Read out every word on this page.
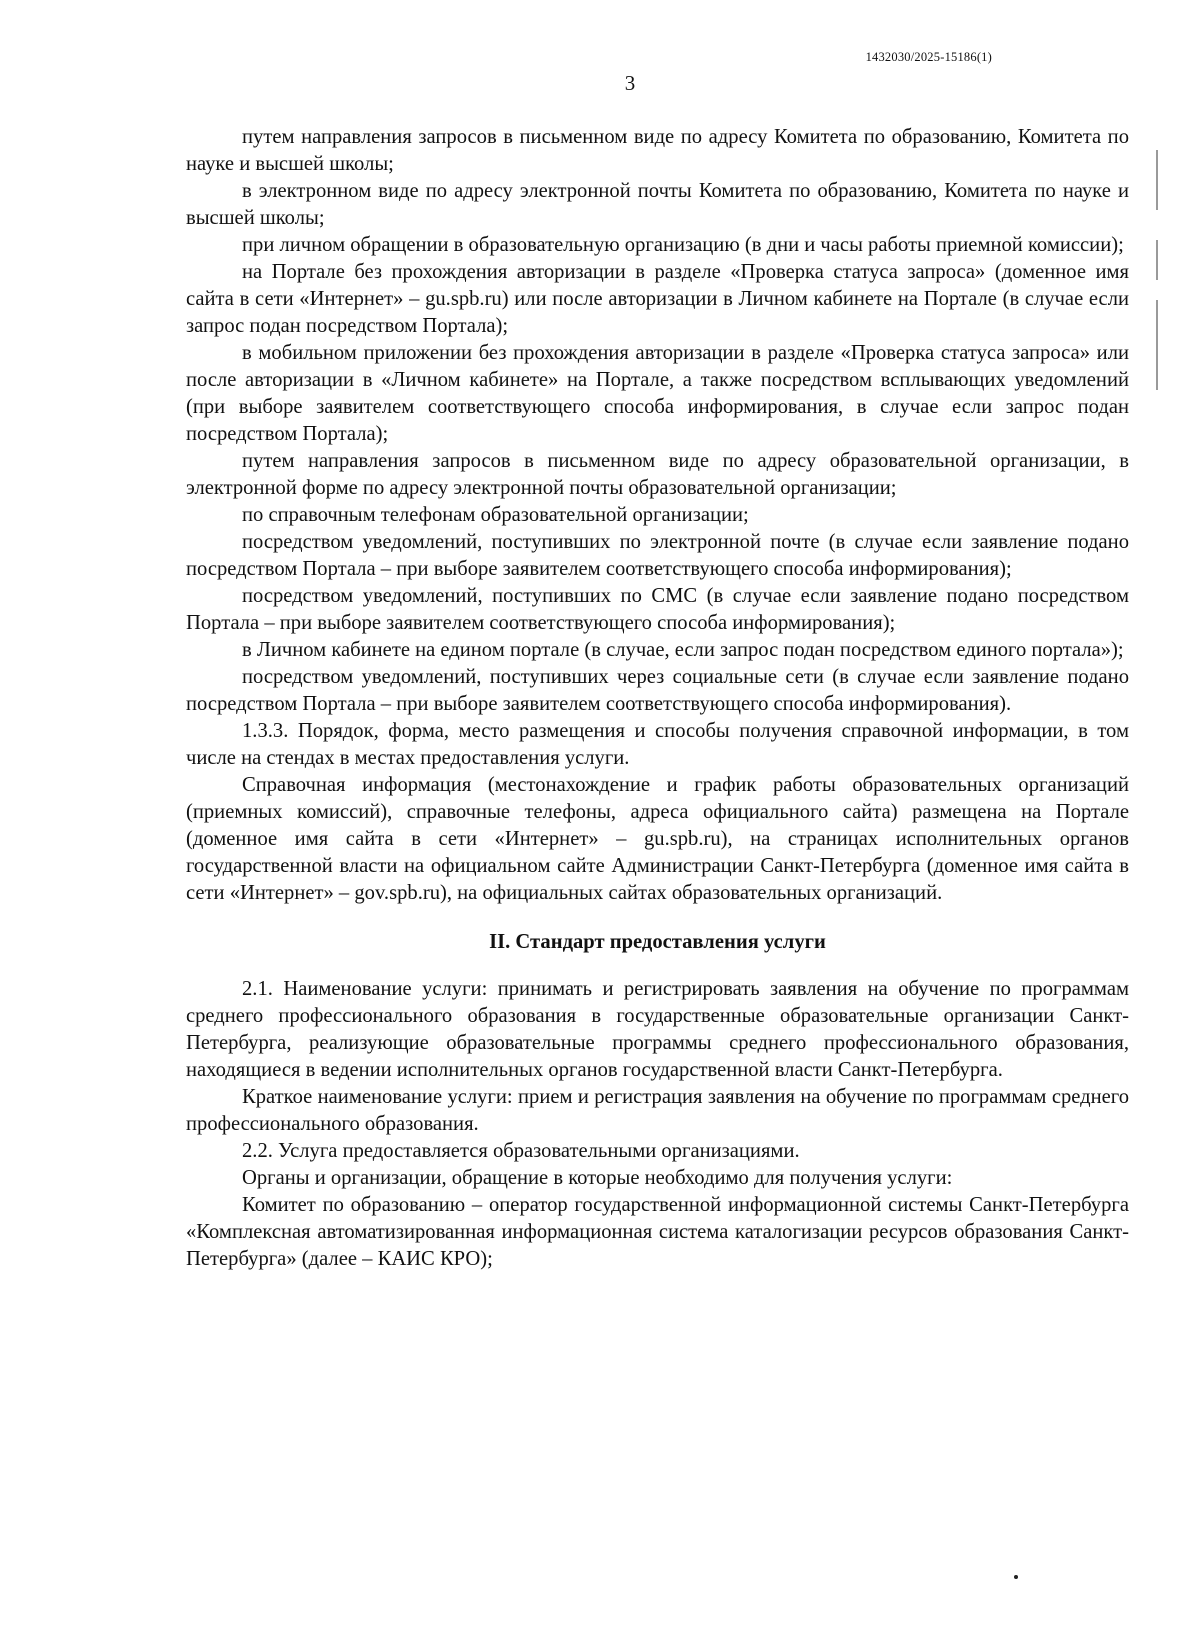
1432030/2025-15186(1)
3

путем направления запросов в письменном виде по адресу Комитета по образованию, Комитета по науке и высшей школы;

в электронном виде по адресу электронной почты Комитета по образованию, Комитета по науке и высшей школы;

при личном обращении в образовательную организацию (в дни и часы работы приемной комиссии);

на Портале без прохождения авторизации в разделе «Проверка статуса запроса» (доменное имя сайта в сети «Интернет» – gu.spb.ru) или после авторизации в Личном кабинете на Портале (в случае если запрос подан посредством Портала);

в мобильном приложении без прохождения авторизации в разделе «Проверка статуса запроса» или после авторизации в «Личном кабинете» на Портале, а также посредством всплывающих уведомлений (при выборе заявителем соответствующего способа информирования, в случае если запрос подан посредством Портала);

путем направления запросов в письменном виде по адресу образовательной организации, в электронной форме по адресу электронной почты образовательной организации;

по справочным телефонам образовательной организации;

посредством уведомлений, поступивших по электронной почте (в случае если заявление подано посредством Портала – при выборе заявителем соответствующего способа информирования);

посредством уведомлений, поступивших по СМС (в случае если заявление подано посредством Портала – при выборе заявителем соответствующего способа информирования);

в Личном кабинете на едином портале (в случае, если запрос подан посредством единого портала»);

посредством уведомлений, поступивших через социальные сети (в случае если заявление подано посредством Портала – при выборе заявителем соответствующего способа информирования).

1.3.3. Порядок, форма, место размещения и способы получения справочной информации, в том числе на стендах в местах предоставления услуги.

Справочная информация (местонахождение и график работы образовательных организаций (приемных комиссий), справочные телефоны, адреса официального сайта) размещена на Портале (доменное имя сайта в сети «Интернет» – gu.spb.ru), на страницах исполнительных органов государственной власти на официальном сайте Администрации Санкт-Петербурга (доменное имя сайта в сети «Интернет» – gov.spb.ru), на официальных сайтах образовательных организаций.

II. Стандарт предоставления услуги

2.1. Наименование услуги: принимать и регистрировать заявления на обучение по программам среднего профессионального образования в государственные образовательные организации Санкт-Петербурга, реализующие образовательные программы среднего профессионального образования, находящиеся в ведении исполнительных органов государственной власти Санкт-Петербурга.

Краткое наименование услуги: прием и регистрация заявления на обучение по программам среднего профессионального образования.

2.2. Услуга предоставляется образовательными организациями.

Органы и организации, обращение в которые необходимо для получения услуги:

Комитет по образованию – оператор государственной информационной системы Санкт-Петербурга «Комплексная автоматизированная информационная система каталогизации ресурсов образования Санкт-Петербурга» (далее – КАИС КРО);
